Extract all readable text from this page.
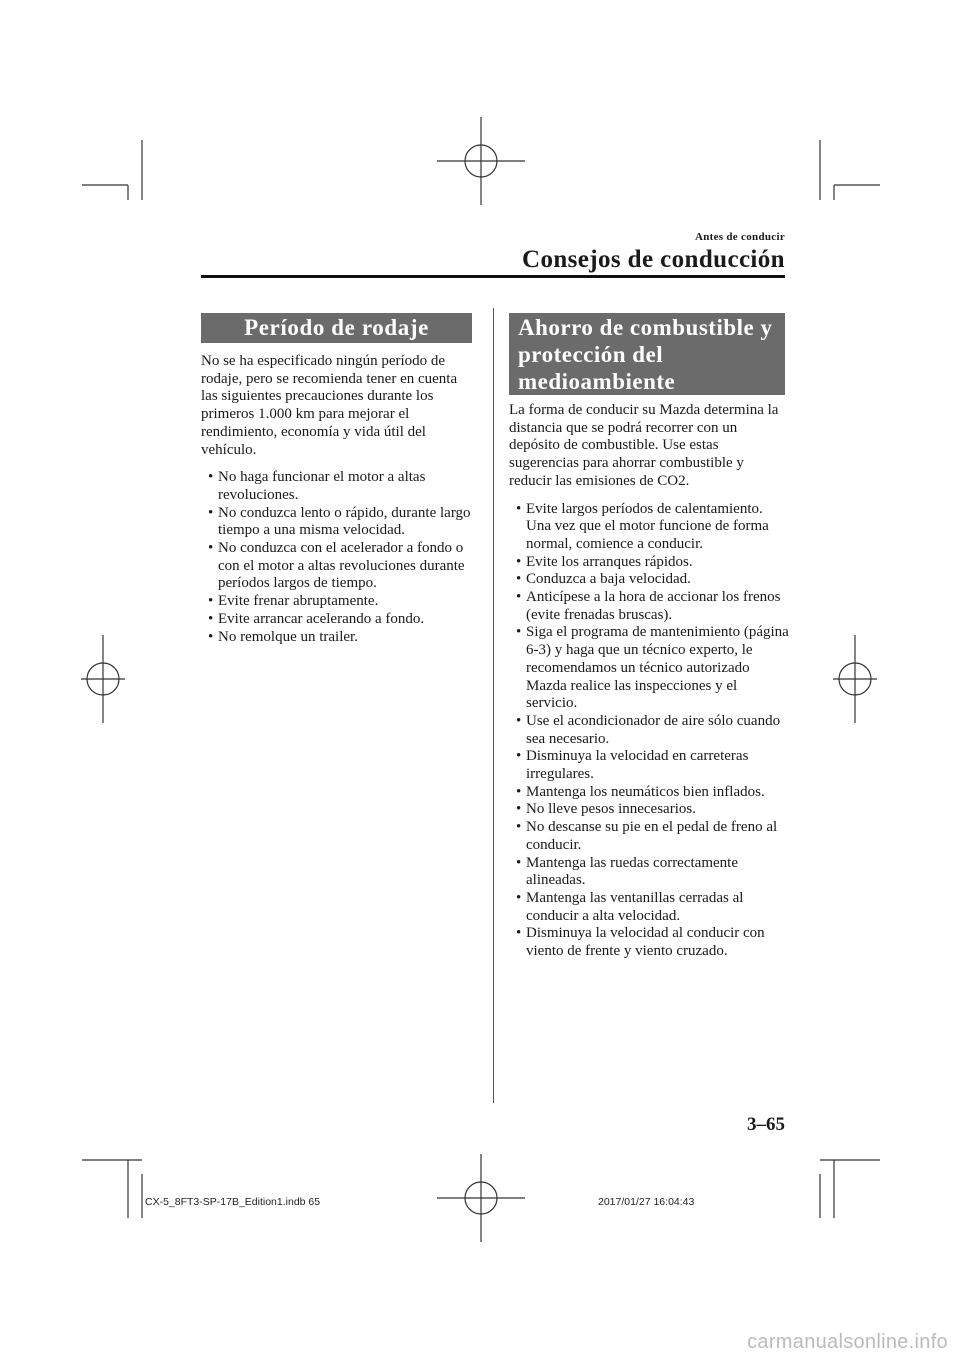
Antes de conducir
Consejos de conducción
Período de rodaje

No se ha especificado ningún período de rodaje, pero se recomienda tener en cuenta las siguientes precauciones durante los primeros 1.000 km para mejorar el rendimiento, economía y vida útil del vehículo.

• No haga funcionar el motor a altas revoluciones.
• No conduzca lento o rápido, durante largo tiempo a una misma velocidad.
• No conduzca con el acelerador a fondo o con el motor a altas revoluciones durante períodos largos de tiempo.
• Evite frenar abruptamente.
• Evite arrancar acelerando a fondo.
• No remolque un trailer.
Ahorro de combustible y protección del medioambiente

La forma de conducir su Mazda determina la distancia que se podrá recorrer con un depósito de combustible. Use estas sugerencias para ahorrar combustible y reducir las emisiones de CO2.

• Evite largos períodos de calentamiento. Una vez que el motor funcione de forma normal, comience a conducir.
• Evite los arranques rápidos.
• Conduzca a baja velocidad.
• Anticípese a la hora de accionar los frenos (evite frenadas bruscas).
• Siga el programa de mantenimiento (página 6-3) y haga que un técnico experto, le recomendamos un técnico autorizado Mazda realice las inspecciones y el servicio.
• Use el acondicionador de aire sólo cuando sea necesario.
• Disminuya la velocidad en carreteras irregulares.
• Mantenga los neumáticos bien inflados.
• No lleve pesos innecesarios.
• No descanse su pie en el pedal de freno al conducir.
• Mantenga las ruedas correctamente alineadas.
• Mantenga las ventanillas cerradas al conducir a alta velocidad.
• Disminuya la velocidad al conducir con viento de frente y viento cruzado.
3–65
CX-5_8FT3-SP-17B_Edition1.indb 65	2017/01/27 16:04:43
carmanualsonline.info
